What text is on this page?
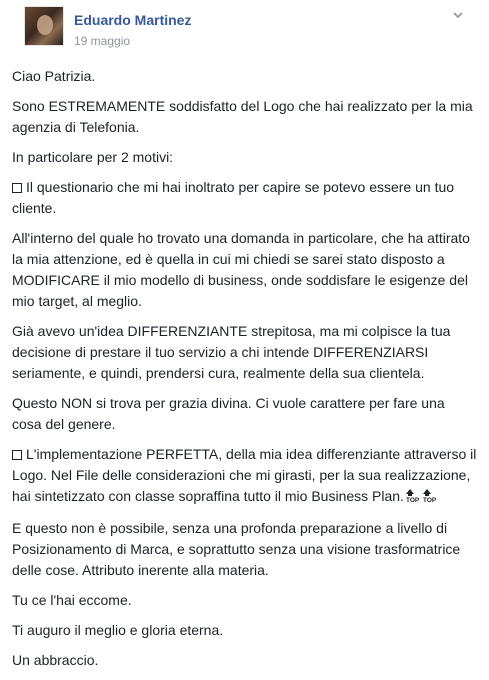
Eduardo Martinez
19 maggio

Ciao Patrizia.

Sono ESTREMAMENTE soddisfatto del Logo che hai realizzato per la mia agenzia di Telefonia.

In particolare per 2 motivi:

Il questionario che mi hai inoltrato per capire se potevo essere un tuo cliente.

All'interno del quale ho trovato una domanda in particolare, che ha attirato la mia attenzione, ed è quella in cui mi chiedi se sarei stato disposto a MODIFICARE il mio modello di business, onde soddisfare le esigenze del mio target, al meglio.

Già avevo un'idea DIFFERENZIANTE strepitosa, ma mi colpisce la tua decisione di prestare il tuo servizio a chi intende DIFFERENZIARSI seriamente, e quindi, prendersi cura, realmente della sua clientela.

Questo NON si trova per grazia divina. Ci vuole carattere per fare una cosa del genere.

L'implementazione PERFETTA, della mia idea differenziante attraverso il Logo. Nel File delle considerazioni che mi girasti, per la sua realizzazione, hai sintetizzato con classe sopraffina tutto il mio Business Plan. TOP TOP

E questo non è possibile, senza una profonda preparazione a livello di Posizionamento di Marca, e soprattutto senza una visione trasformatrice delle cose. Attributo inerente alla materia.

Tu ce l'hai eccome.

Ti auguro il meglio e gloria eterna.

Un abbraccio.
